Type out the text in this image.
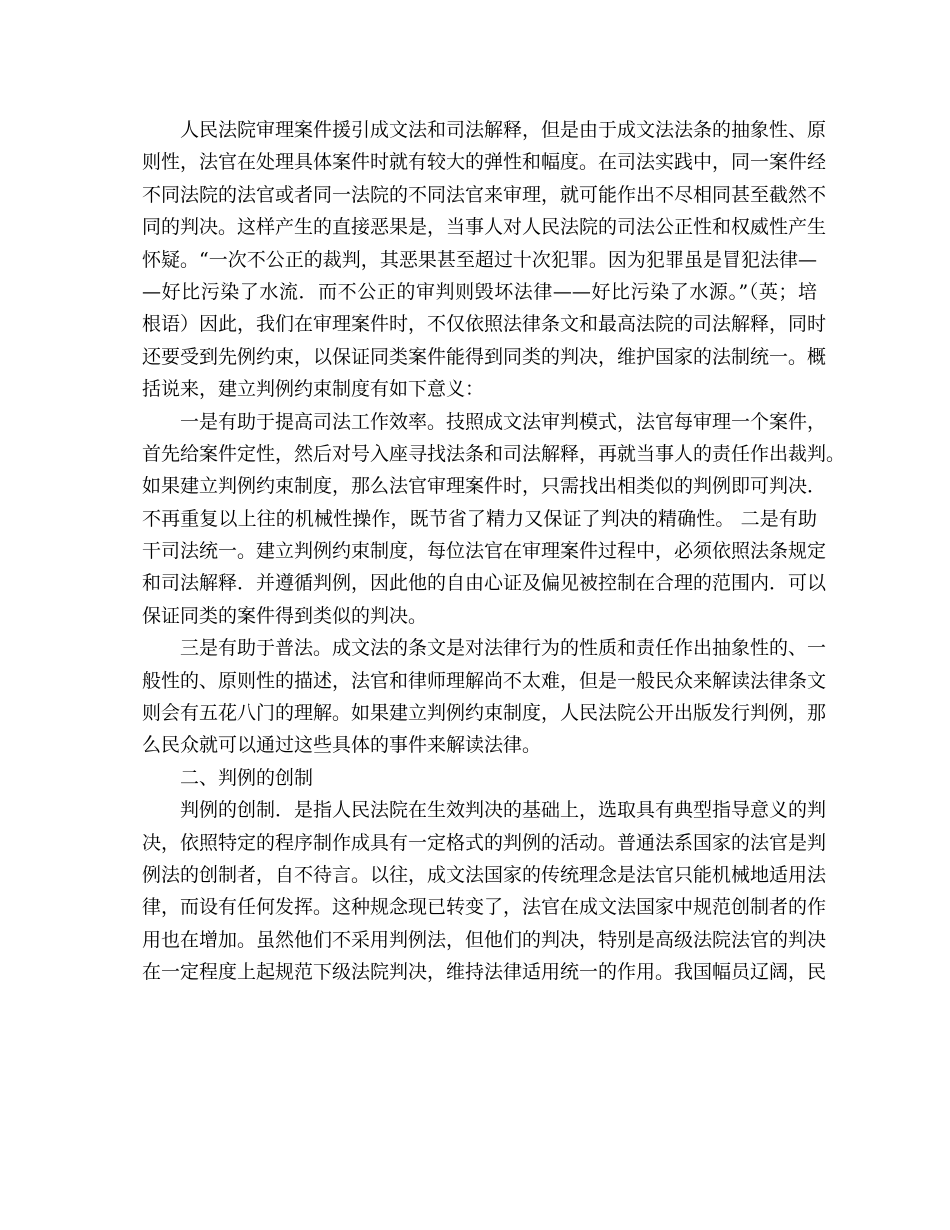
人民法院审理案件援引成文法和司法解释，但是由于成文法法条的抽象性、原
则性，法官在处理具体案件时就有较大的弹性和幅度。在司法实践中，同一案件经
不同法院的法官或者同一法院的不同法官来审理，就可能作出不尽相同甚至截然不
同的判决。这样产生的直接恶果是，当事人对人民法院的司法公正性和权威性产生
怀疑。“一次不公正的裁判，其恶果甚至超过十次犯罪。因为犯罪虽是冒犯法律—
—好比污染了水流．而不公正的审判则毁坏法律——好比污染了水源。”（英；培
根语）因此，我们在审理案件时，不仅依照法律条文和最高法院的司法解释，同时
还要受到先例约束，以保证同类案件能得到同类的判决，维护国家的法制统一。概
括说来，建立判例约束制度有如下意义：
一是有助于提高司法工作效率。技照成文法审判模式，法官每审理一个案件，
首先给案件定性，然后对号入座寻找法条和司法解释，再就当事人的责任作出裁判。
如果建立判例约束制度，那么法官审理案件时，只需找出相类似的判例即可判决．
不再重复以上往的机械性操作，既节省了精力又保证了判决的精确性。 二是有助
干司法统一。建立判例约束制度，每位法官在审理案件过程中，必须依照法条规定
和司法解释．并遵循判例，因此他的自由心证及偏见被控制在合理的范围内．可以
保证同类的案件得到类似的判决。
三是有助于普法。成文法的条文是对法律行为的性质和责任作出抽象性的、一
般性的、原则性的描述，法官和律师理解尚不太难，但是一般民众来解读法律条文
则会有五花八门的理解。如果建立判例约束制度，人民法院公开出版发行判例，那
么民众就可以通过这些具体的事件来解读法律。
二、判例的创制
判例的创制．是指人民法院在生效判决的基础上，选取具有典型指导意义的判
决，依照特定的程序制作成具有一定格式的判例的活动。普通法系国家的法官是判
例法的创制者，自不待言。以往，成文法国家的传统理念是法官只能机械地适用法
律，而设有任何发挥。这种规念现已转变了，法官在成文法国家中规范创制者的作
用也在增加。虽然他们不采用判例法，但他们的判决，特别是高级法院法官的判决
在一定程度上起规范下级法院判决，维持法律适用统一的作用。我国幅员辽阔，民
